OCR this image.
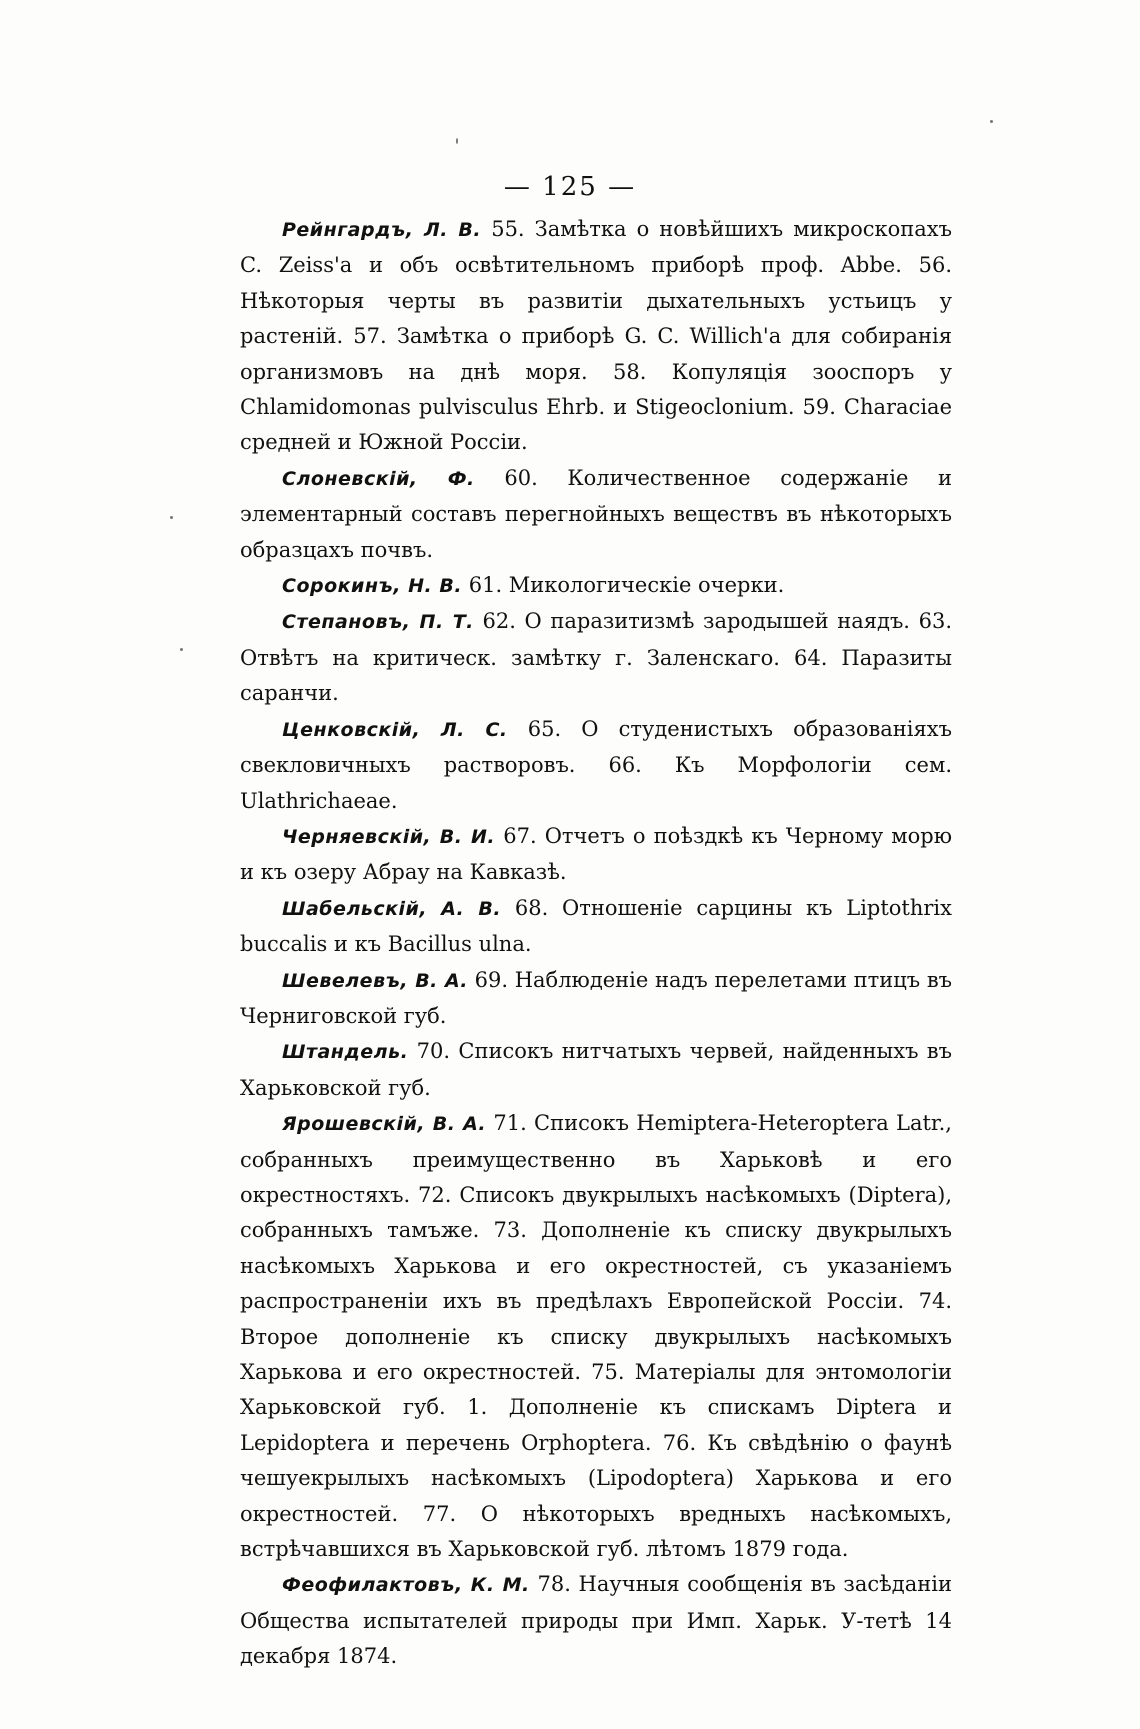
— 125 —

Рейнгардъ, Л. В. 55. Замѣтка о новѣйшихъ микроскопахъ C. Zeiss'а и объ освѣтительномъ приборѣ проф. Abbe. 56. Нѣкоторыя черты въ развитіи дыхательныхъ устьицъ у растеній. 57. Замѣтка о приборѣ G. C. Willich'а для собиранія организмовъ на днѣ моря. 58. Копуляція зооспоръ у Chlamidomonas pulvisculus Ehrb. и Stigeoclonium. 59. Characiae средней и Южной Россіи.

Слоневскій, Ф. 60. Количественное содержаніе и элементарный составъ перегнойныхъ веществъ въ нѣкоторыхъ образцахъ почвъ.

Сорокинъ, Н. В. 61. Микологическіе очерки.

Степановъ, П. Т. 62. О паразитизмѣ зародышей наядъ. 63. Отвѣтъ на критическ. замѣтку г. Заленскаго. 64. Паразиты саранчи.

Ценковскій, Л. С. 65. О студенистыхъ образованіяхъ свекловичныхъ растворовъ. 66. Къ Морфологіи сем. Ulathrichaeae.

Черняевскій, В. И. 67. Отчетъ о поѣздкѣ къ Черному морю и къ озеру Абрау на Кавказѣ.

Шабельскій, А. В. 68. Отношеніе сарцины къ Liptothrix buccalis и къ Bacillus ulna.

Шевелевъ, В. А. 69. Наблюденіе надъ перелетами птицъ въ Черниговской губ.

Штандель. 70. Списокъ нитчатыхъ червей, найденныхъ въ Харьковской губ.

Ярошевскій, В. А. 71. Списокъ Hemiptera-Heteroptera Latr., собранныхъ преимущественно въ Харьковѣ и его окрестностяхъ. 72. Списокъ двукрылыхъ насѣкомыхъ (Diptera), собранныхъ тамъже. 73. Дополненіе къ списку двукрылыхъ насѣкомыхъ Харькова и его окрестностей, съ указаніемъ распространеніи ихъ въ предѣлахъ Европейской Россіи. 74. Второе дополненіе къ списку двукрылыхъ насѣкомыхъ Харькова и его окрестностей. 75. Матеріалы для энтомологіи Харьковской губ. 1. Дополненіе къ спискамъ Diptera и Lepidoptera и перечень Orphoptera. 76. Къ свѣдѣнію о фаунѣ чешуекрылыхъ насѣкомыхъ (Lipodoptera) Харькова и его окрестностей. 77. О нѣкоторыхъ вредныхъ насѣкомыхъ, встрѣчавшихся въ Харьковской губ. лѣтомъ 1879 года.

Феофилактовъ, К. М. 78. Научныя сообщенія въ засѣданіи Общества испытателей природы при Имп. Харьк. У-тетѣ 14 декабря 1874.
